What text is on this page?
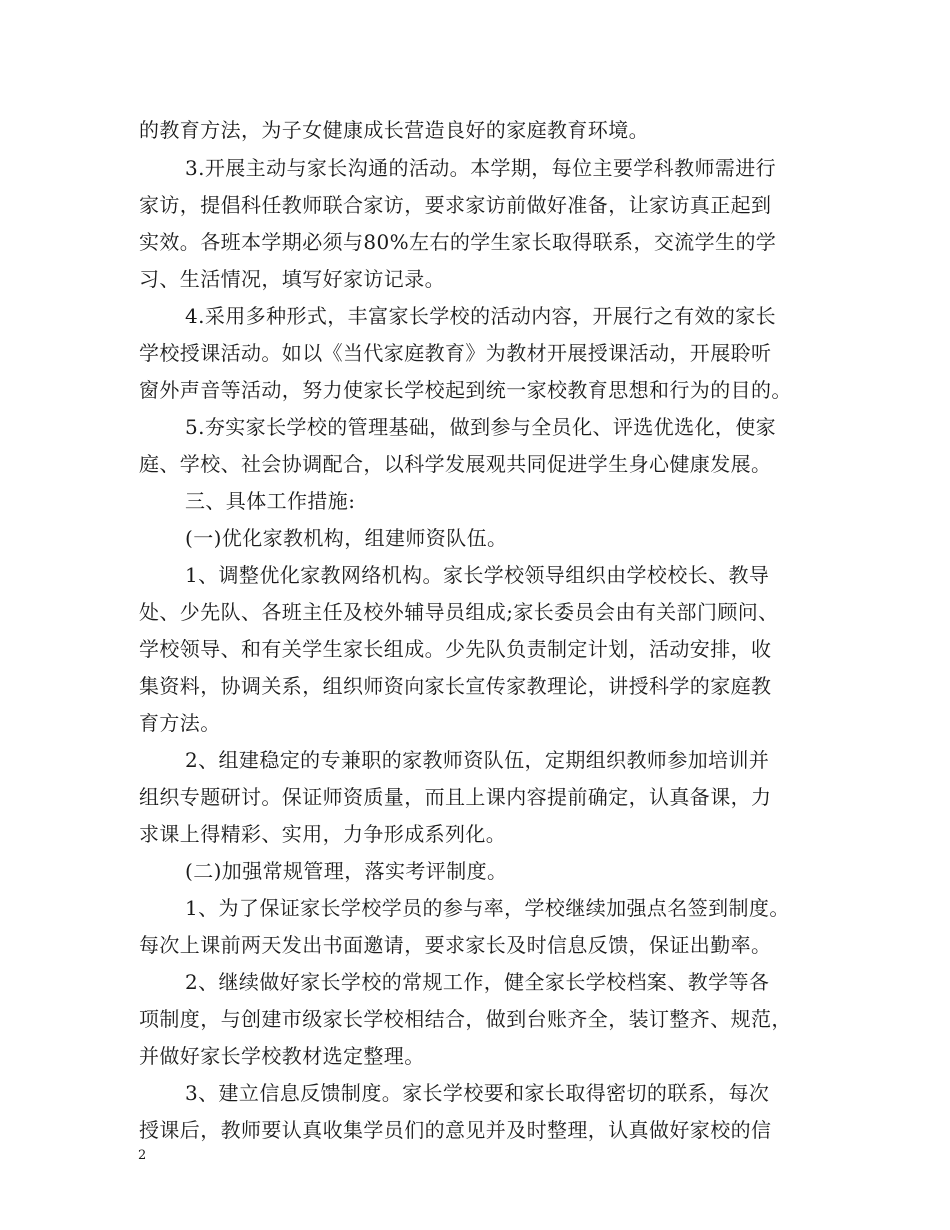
的教育方法，为子女健康成长营造良好的家庭教育环境。
3.开展主动与家长沟通的活动。本学期，每位主要学科教师需进行
家访，提倡科任教师联合家访，要求家访前做好准备，让家访真正起到
实效。各班本学期必须与80%左右的学生家长取得联系，交流学生的学
习、生活情况，填写好家访记录。
4.采用多种形式，丰富家长学校的活动内容，开展行之有效的家长
学校授课活动。如以《当代家庭教育》为教材开展授课活动，开展聆听
窗外声音等活动，努力使家长学校起到统一家校教育思想和行为的目的。
5.夯实家长学校的管理基础，做到参与全员化、评选优选化，使家
庭、学校、社会协调配合，以科学发展观共同促进学生身心健康发展。
三、具体工作措施:
(一)优化家教机构，组建师资队伍。
1、调整优化家教网络机构。家长学校领导组织由学校校长、教导
处、少先队、各班主任及校外辅导员组成;家长委员会由有关部门顾问、
学校领导、和有关学生家长组成。少先队负责制定计划，活动安排，收
集资料，协调关系，组织师资向家长宣传家教理论，讲授科学的家庭教
育方法。
2、组建稳定的专兼职的家教师资队伍，定期组织教师参加培训并
组织专题研讨。保证师资质量，而且上课内容提前确定，认真备课，力
求课上得精彩、实用，力争形成系列化。
(二)加强常规管理，落实考评制度。
1、为了保证家长学校学员的参与率，学校继续加强点名签到制度。
每次上课前两天发出书面邀请，要求家长及时信息反馈，保证出勤率。
2、继续做好家长学校的常规工作，健全家长学校档案、教学等各
项制度，与创建市级家长学校相结合，做到台账齐全，装订整齐、规范，
并做好家长学校教材选定整理。
3、建立信息反馈制度。家长学校要和家长取得密切的联系，每次
授课后，教师要认真收集学员们的意见并及时整理，认真做好家校的信
2
